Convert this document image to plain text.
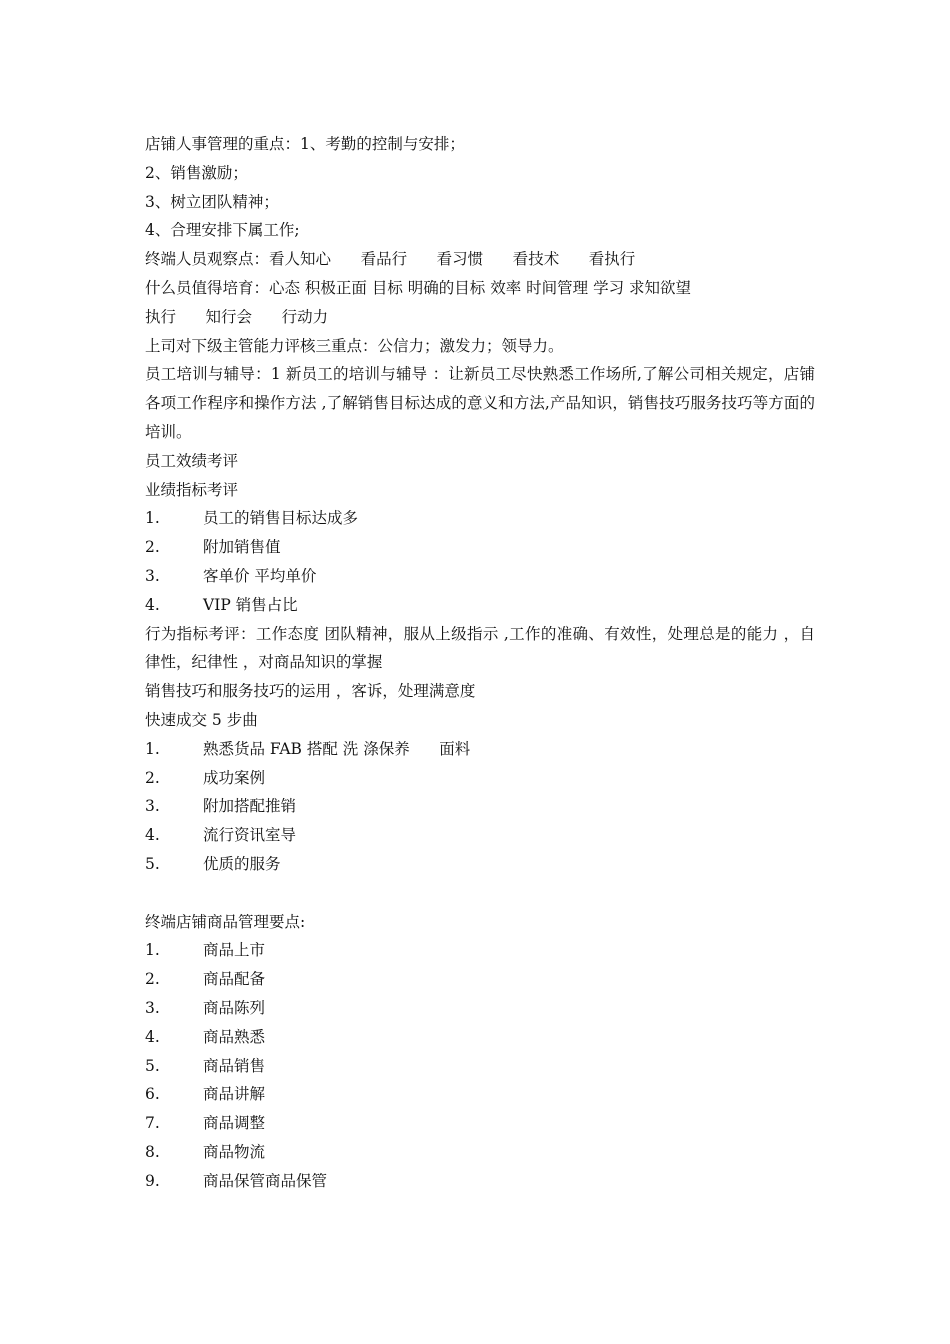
店铺人事管理的重点：1、考勤的控制与安排；
2、销售激励；
3、树立团队精神；
4、合理安排下属工作;
终端人员观察点：看人知心      看品行      看习惯      看技术      看执行
什么员值得培育：心态 积极正面 目标 明确的目标 效率 时间管理 学习 求知欲望
执行      知行会      行动力
上司对下级主管能力评核三重点：公信力；激发力；领导力。
员工培训与辅导：1 新员工的培训与辅导 ：让新员工尽快熟悉工作场所,了解公司相关规定，店铺各项工作程序和操作方法 ,了解销售目标达成的意义和方法,产品知识，销售技巧服务技巧等方面的培训。
员工效绩考评
业绩指标考评
1.	员工的销售目标达成多
2.	附加销售值
3.	客单价 平均单价
4.	VIP 销售占比
行为指标考评：工作态度 团队精神，服从上级指示 ,工作的准确、有效性，处理总是的能力 ，自律性，纪律性 ，对商品知识的掌握
销售技巧和服务技巧的运用 ，客诉，处理满意度
快速成交 5 步曲
1.	熟悉货品 FAB 搭配 洗 涤保养      面料
2.	成功案例
3.	附加搭配推销
4.	流行资讯室导
5.	优质的服务
终端店铺商品管理要点:
1.	商品上市
2.	商品配备
3.	商品陈列
4.	商品熟悉
5.	商品销售
6.	商品讲解
7.	商品调整
8.	商品物流
9.	商品保管商品保管
